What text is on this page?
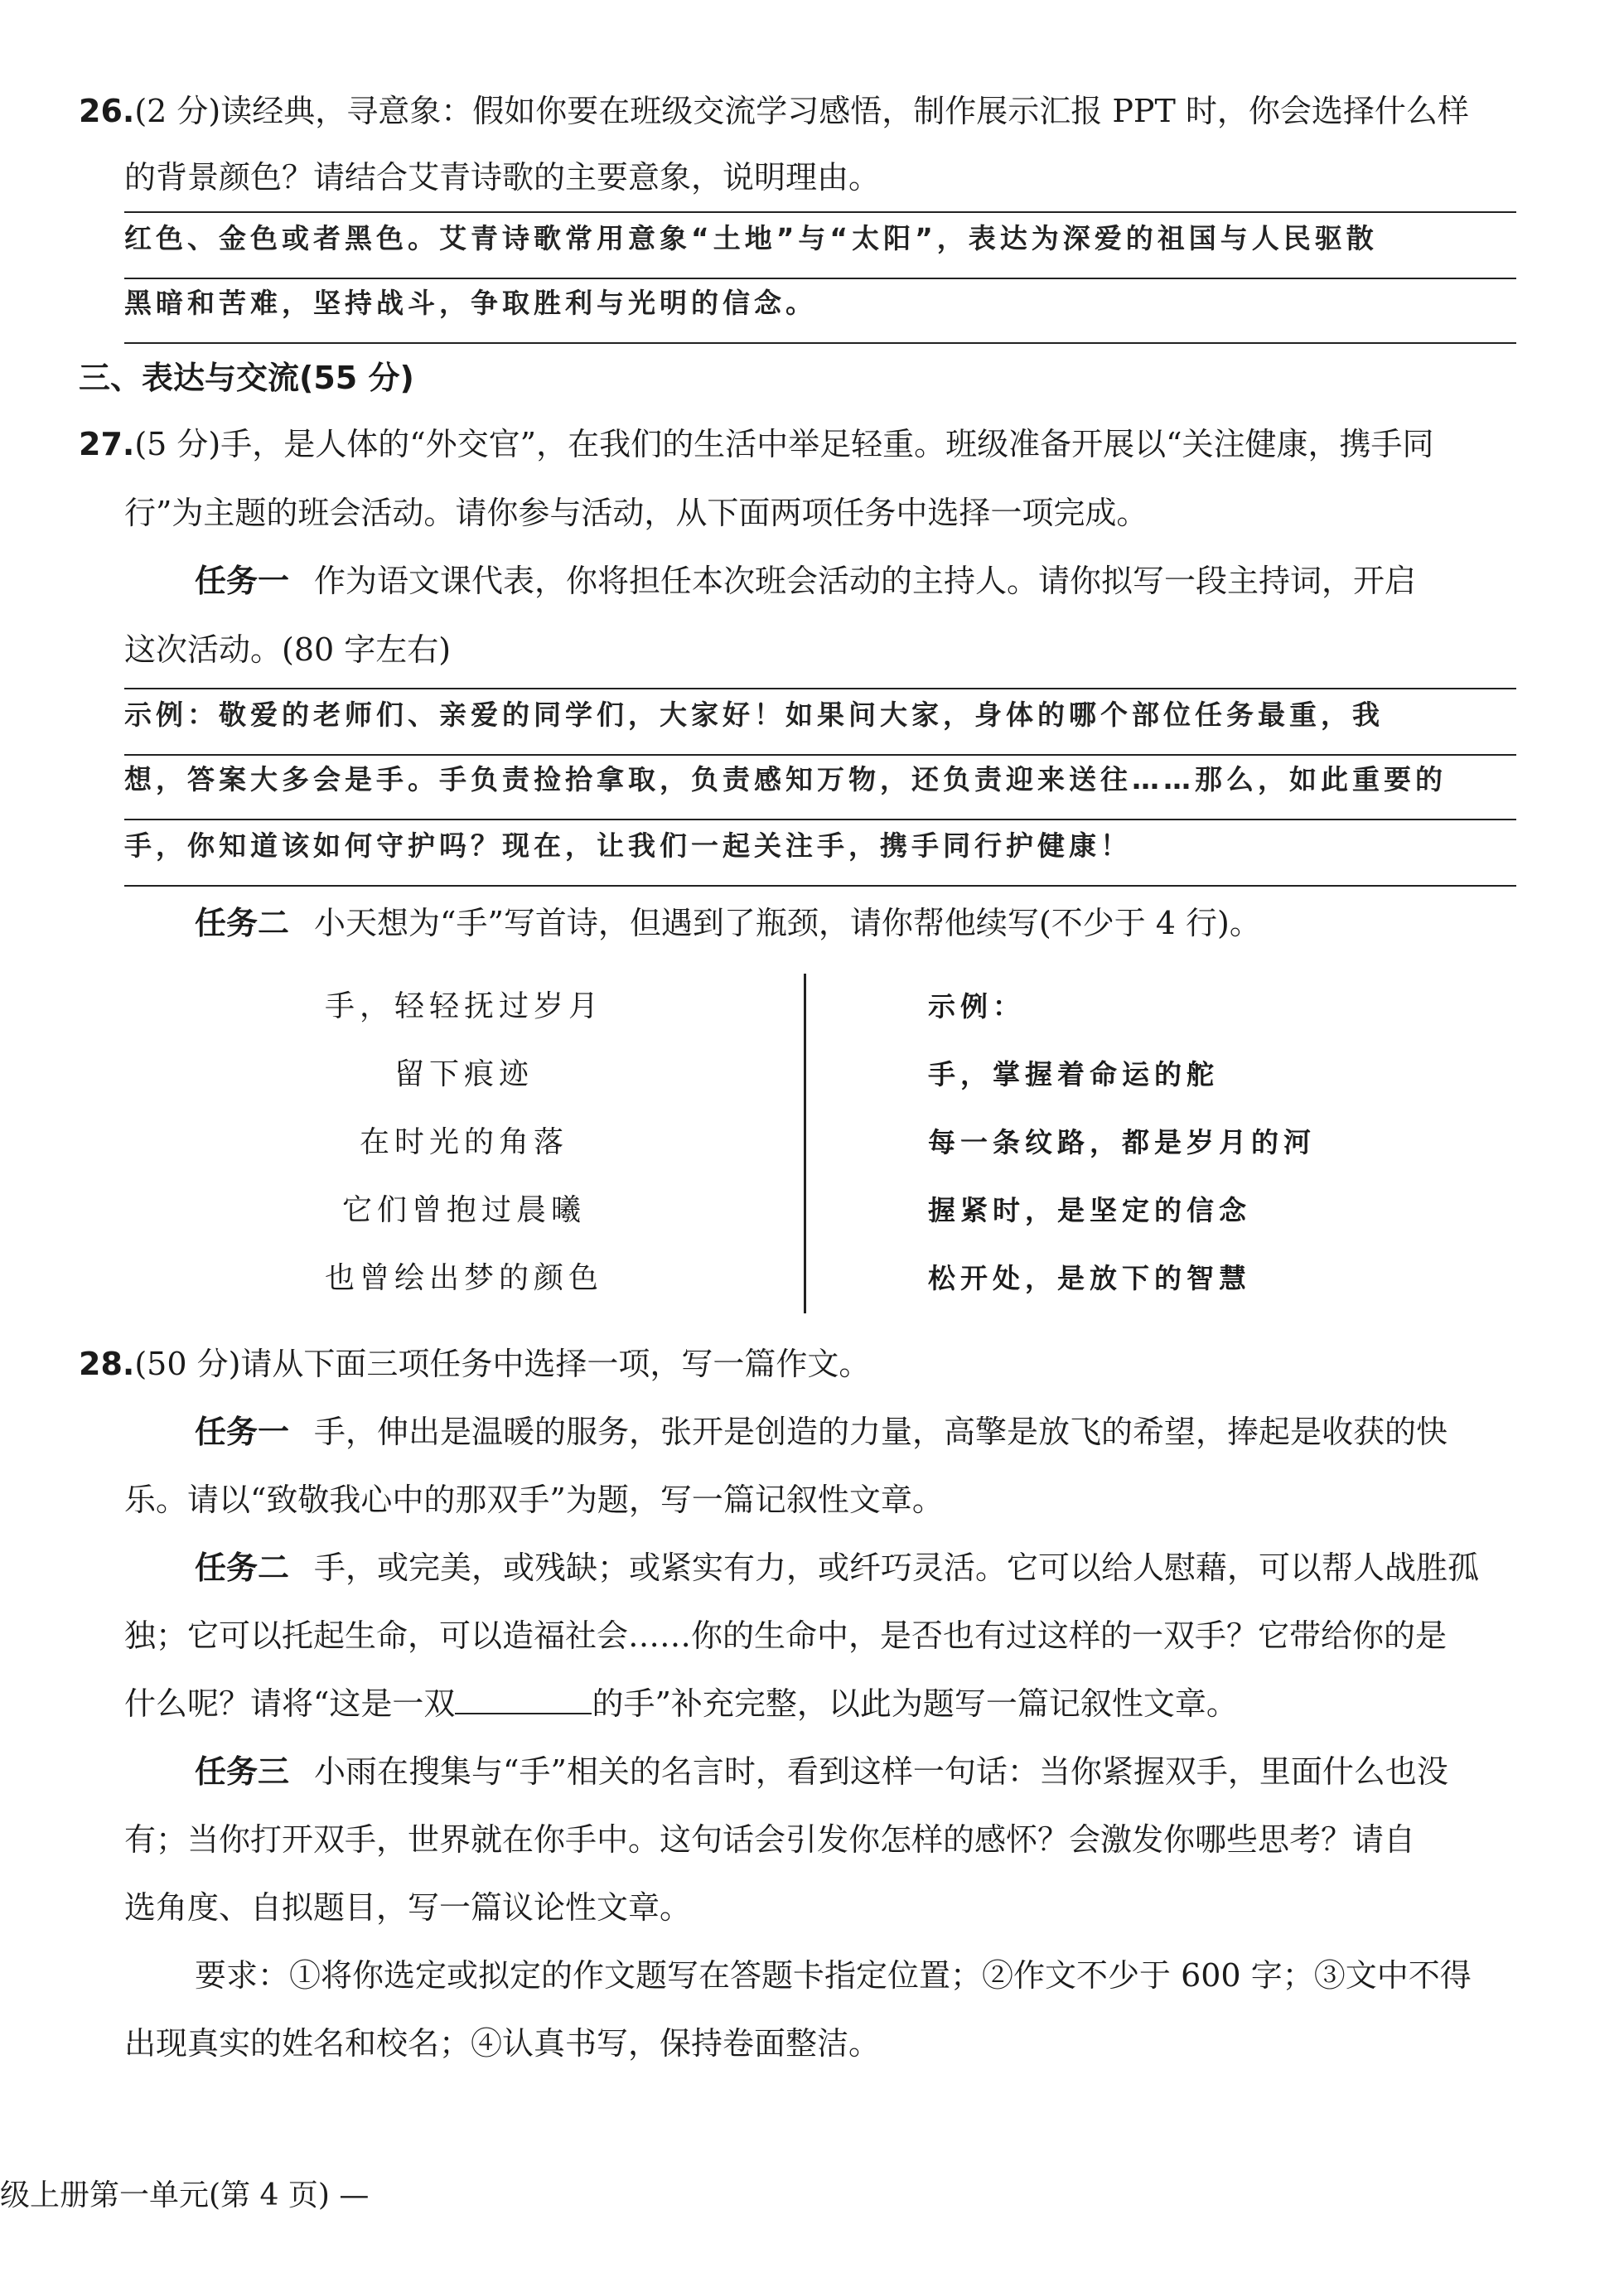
26.(2 分)读经典，寻意象：假如你要在班级交流学习感悟，制作展示汇报 PPT 时，你会选择什么样
的背景颜色？请结合艾青诗歌的主要意象，说明理由。
红色、金色或者黑色。艾青诗歌常用意象“土地”与“太阳”，表达为深爱的祖国与人民驱散
黑暗和苦难，坚持战斗，争取胜利与光明的信念。
三、表达与交流(55 分)
27.(5 分)手，是人体的“外交官”，在我们的生活中举足轻重。班级准备开展以“关注健康，携手同
行”为主题的班会活动。请你参与活动，从下面两项任务中选择一项完成。
任务一 作为语文课代表，你将担任本次班会活动的主持人。请你拟写一段主持词，开启
这次活动。(80 字左右)
示例：敬爱的老师们、亲爱的同学们，大家好！如果问大家，身体的哪个部位任务最重，我
想，答案大多会是手。手负责捡拾拿取，负责感知万物，还负责迎来送往……那么，如此重要的
手，你知道该如何守护吗？现在，让我们一起关注手，携手同行护健康！
任务二 小天想为“手”写首诗，但遇到了瓶颈，请你帮他续写(不少于 4 行)。
手，轻轻抚过岁月
留下痕迹
在时光的角落
它们曾抱过晨曦
也曾绘出梦的颜色
示例：
手，掌握着命运的舵
每一条纹路，都是岁月的河
握紧时，是坚定的信念
松开处，是放下的智慧
28.(50 分)请从下面三项任务中选择一项，写一篇作文。
任务一 手，伸出是温暖的服务，张开是创造的力量，高擎是放飞的希望，捧起是收获的快
乐。请以“致敬我心中的那双手”为题，写一篇记叙性文章。
任务二 手，或完美，或残缺；或紧实有力，或纤巧灵活。它可以给人慰藉，可以帮人战胜孤
独；它可以托起生命，可以造福社会……你的生命中，是否也有过这样的一双手？它带给你的是
什么呢？请将“这是一双	的手”补充完整，以此为题写一篇记叙性文章。
任务三 小雨在搜集与“手”相关的名言时，看到这样一句话：当你紧握双手，里面什么也没
有；当你打开双手，世界就在你手中。这句话会引发你怎样的感怀？会激发你哪些思考？请自
选角度、自拟题目，写一篇议论性文章。
要求：①将你选定或拟定的作文题写在答题卡指定位置；②作文不少于 600 字；③文中不得
出现真实的姓名和校名；④认真书写，保持卷面整洁。
级上册第一单元(第 4 页) —
